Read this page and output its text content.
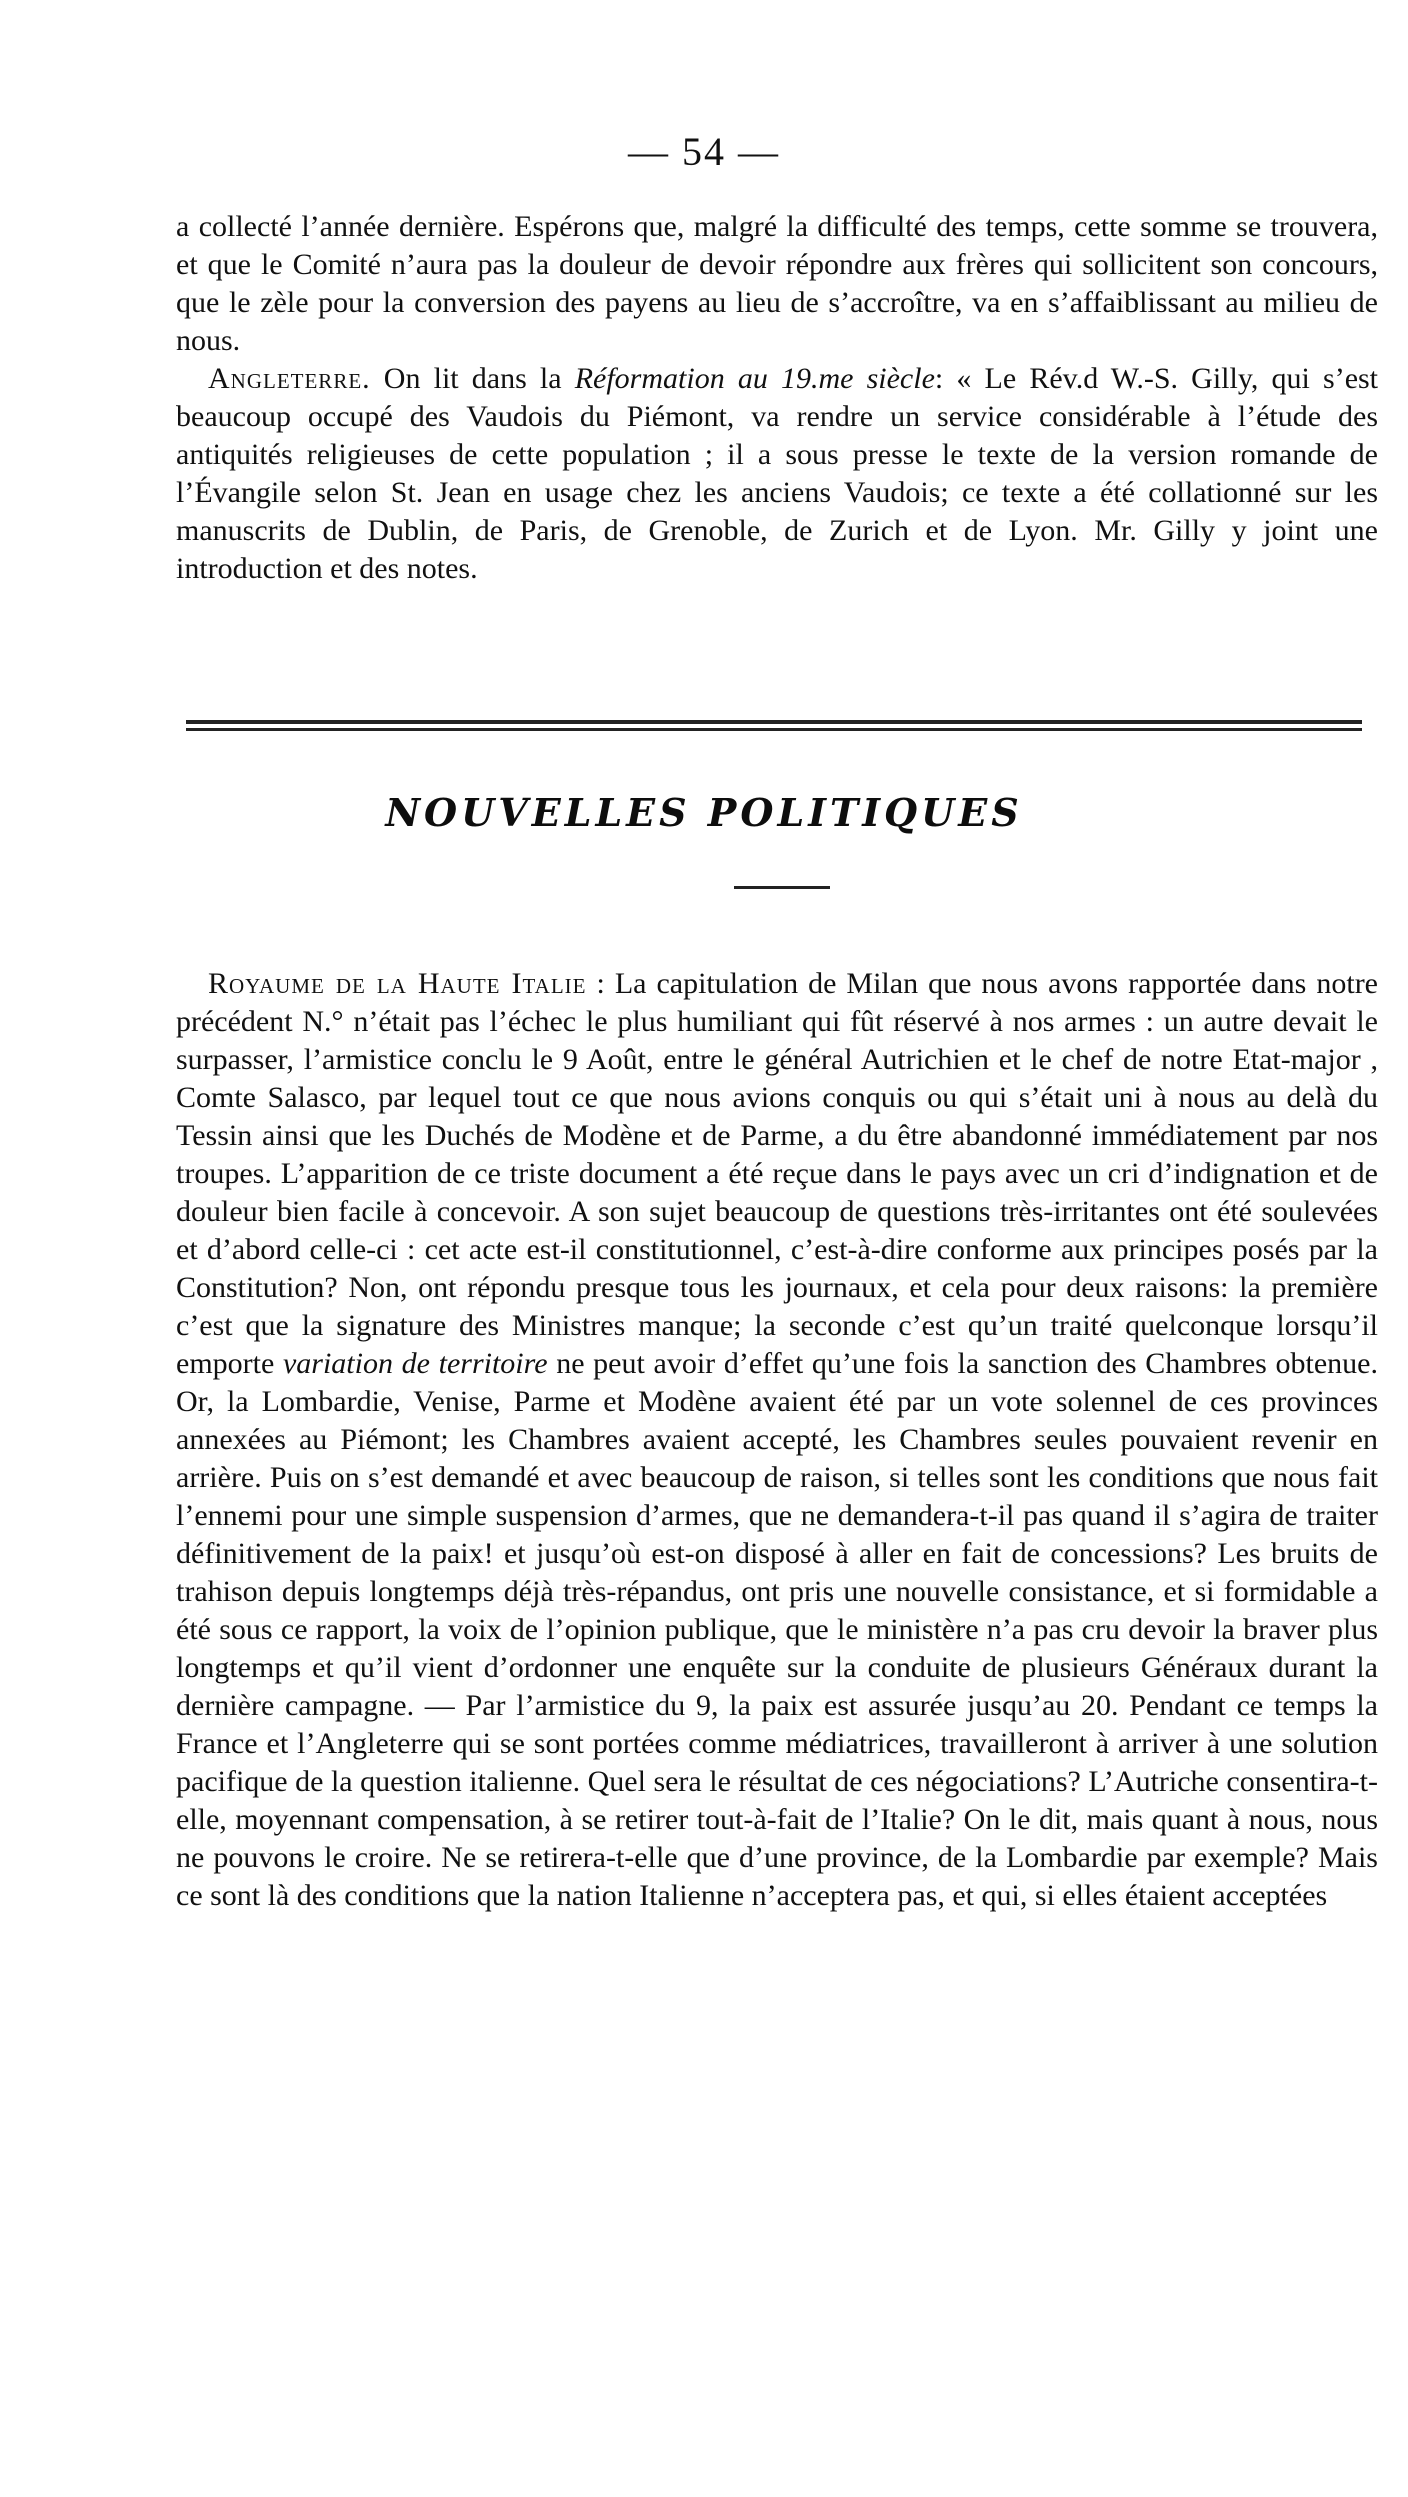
— 54 —

a collecté l’année dernière. Espérons que, malgré la difficulté des temps, cette somme se trouvera, et que le Comité n’aura pas la douleur de devoir répondre aux frères qui sollicitent son concours, que le zèle pour la conversion des payens au lieu de s’accroître, va en s’affaiblissant au milieu de nous.

Angleterre. On lit dans la Réformation au 19.me siècle: « Le Rév.d W.-S. Gilly, qui s’est beaucoup occupé des Vaudois du Piémont, va rendre un service considérable à l’étude des antiquités religieuses de cette population ; il a sous presse le texte de la version romande de l’Évangile selon St. Jean en usage chez les anciens Vaudois; ce texte a été collationné sur les manuscrits de Dublin, de Paris, de Grenoble, de Zurich et de Lyon. Mr. Gilly y joint une introduction et des notes.

NOUVELLES POLITIQUES

Royaume de la Haute Italie : La capitulation de Milan que nous avons rapportée dans notre précédent N.° n’était pas l’échec le plus humiliant qui fût réservé à nos armes : un autre devait le surpasser, l’armistice conclu le 9 Août, entre le général Autrichien et le chef de notre Etat-major , Comte Salasco, par lequel tout ce que nous avions conquis ou qui s’était uni à nous au delà du Tessin ainsi que les Duchés de Modène et de Parme, a du être abandonné immédiatement par nos troupes. L’apparition de ce triste document a été reçue dans le pays avec un cri d’indignation et de douleur bien facile à concevoir. A son sujet beaucoup de questions très-irritantes ont été soulevées et d’abord celle-ci : cet acte est-il constitutionnel, c’est-à-dire conforme aux principes posés par la Constitution? Non, ont répondu presque tous les journaux, et cela pour deux raisons: la première c’est que la signature des Ministres manque; la seconde c’est qu’un traité quelconque lorsqu’il emporte variation de territoire ne peut avoir d’effet qu’une fois la sanction des Chambres obtenue. Or, la Lombardie, Venise, Parme et Modène avaient été par un vote solennel de ces provinces annexées au Piémont; les Chambres avaient accepté, les Chambres seules pouvaient revenir en arrière. Puis on s’est demandé et avec beaucoup de raison, si telles sont les conditions que nous fait l’ennemi pour une simple suspension d’armes, que ne demandera-t-il pas quand il s’agira de traiter définitivement de la paix! et jusqu’où est-on disposé à aller en fait de concessions? Les bruits de trahison depuis longtemps déjà très-répandus, ont pris une nouvelle consistance, et si formidable a été sous ce rapport, la voix de l’opinion publique, que le ministère n’a pas cru devoir la braver plus longtemps et qu’il vient d’ordonner une enquête sur la conduite de plusieurs Généraux durant la dernière campagne. — Par l’armistice du 9, la paix est assurée jusqu’au 20. Pendant ce temps la France et l’Angleterre qui se sont portées comme médiatrices, travailleront à arriver à une solution pacifique de la question italienne. Quel sera le résultat de ces négociations? L’Autriche consentira-t-elle, moyennant compensation, à se retirer tout-à-fait de l’Italie? On le dit, mais quant à nous, nous ne pouvons le croire. Ne se retirera-t-elle que d’une province, de la Lombardie par exemple? Mais ce sont là des conditions que la nation Italienne n’acceptera pas, et qui, si elles étaient acceptées
